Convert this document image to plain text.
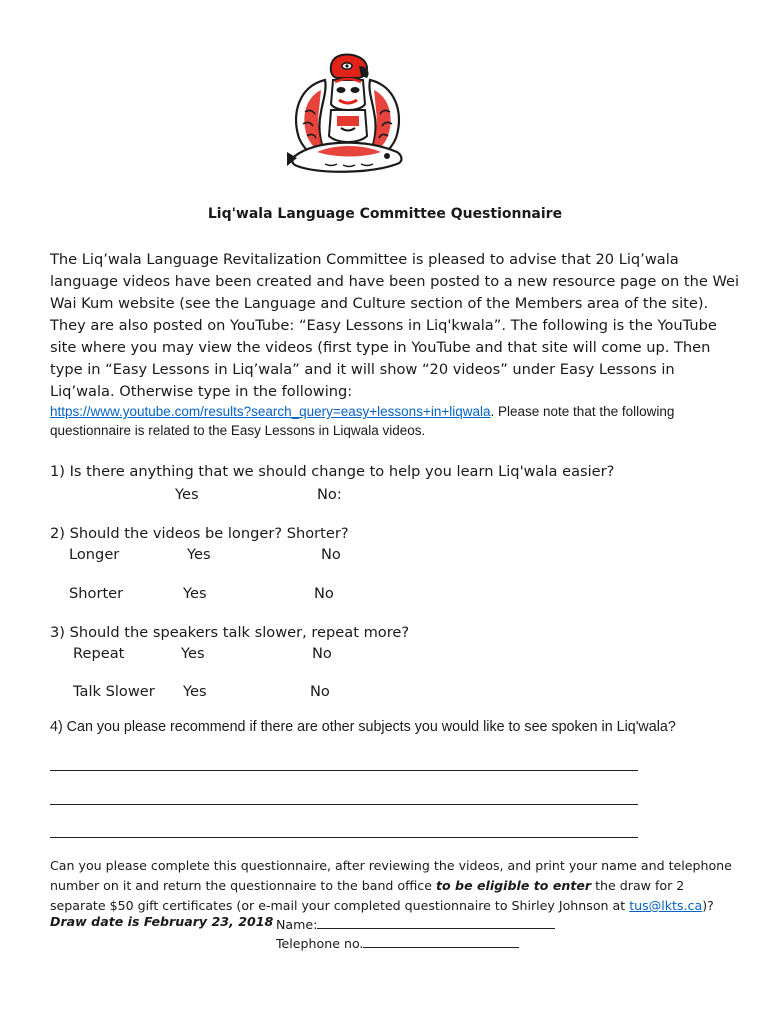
Liq'wala Language Committee Questionnaire
The Liq’wala Language Revitalization Committee is pleased to advise that 20 Liq’wala language videos have been created and have been posted to a new resource page on the Wei Wai Kum website (see the Language and Culture section of the Members area of the site). They are also posted on YouTube: “Easy Lessons in Liq'kwala”. The following is the YouTube site where you may view the videos (first type in YouTube and that site will come up. Then type in “Easy Lessons in Liq’wala” and it will show “20 videos” under Easy Lessons in Liq’wala. Otherwise type in the following:
https://www.youtube.com/results?search_query=easy+lessons+in+liqwala. Please note that the following questionnaire is related to the Easy Lessons in Liqwala videos.
1) Is there anything that we should change to help you learn Liq'wala easier?
Yes	No:
2) Should the videos be longer? Shorter?
Longer	Yes	No
Shorter	Yes	No
3) Should the speakers talk slower, repeat more?
Repeat	Yes	No
Talk Slower Yes	No
4) Can you please recommend if there are other subjects you would like to see spoken in Liq'wala?
Can you please complete this questionnaire, after reviewing the videos, and print your name and telephone number on it and return the questionnaire to the band office to be eligible to enter the draw for 2 separate $50 gift certificates (or e-mail your completed questionnaire to Shirley Johnson at tus@lkts.ca)?
Draw date is February 23, 2018 Name:
Telephone no.
